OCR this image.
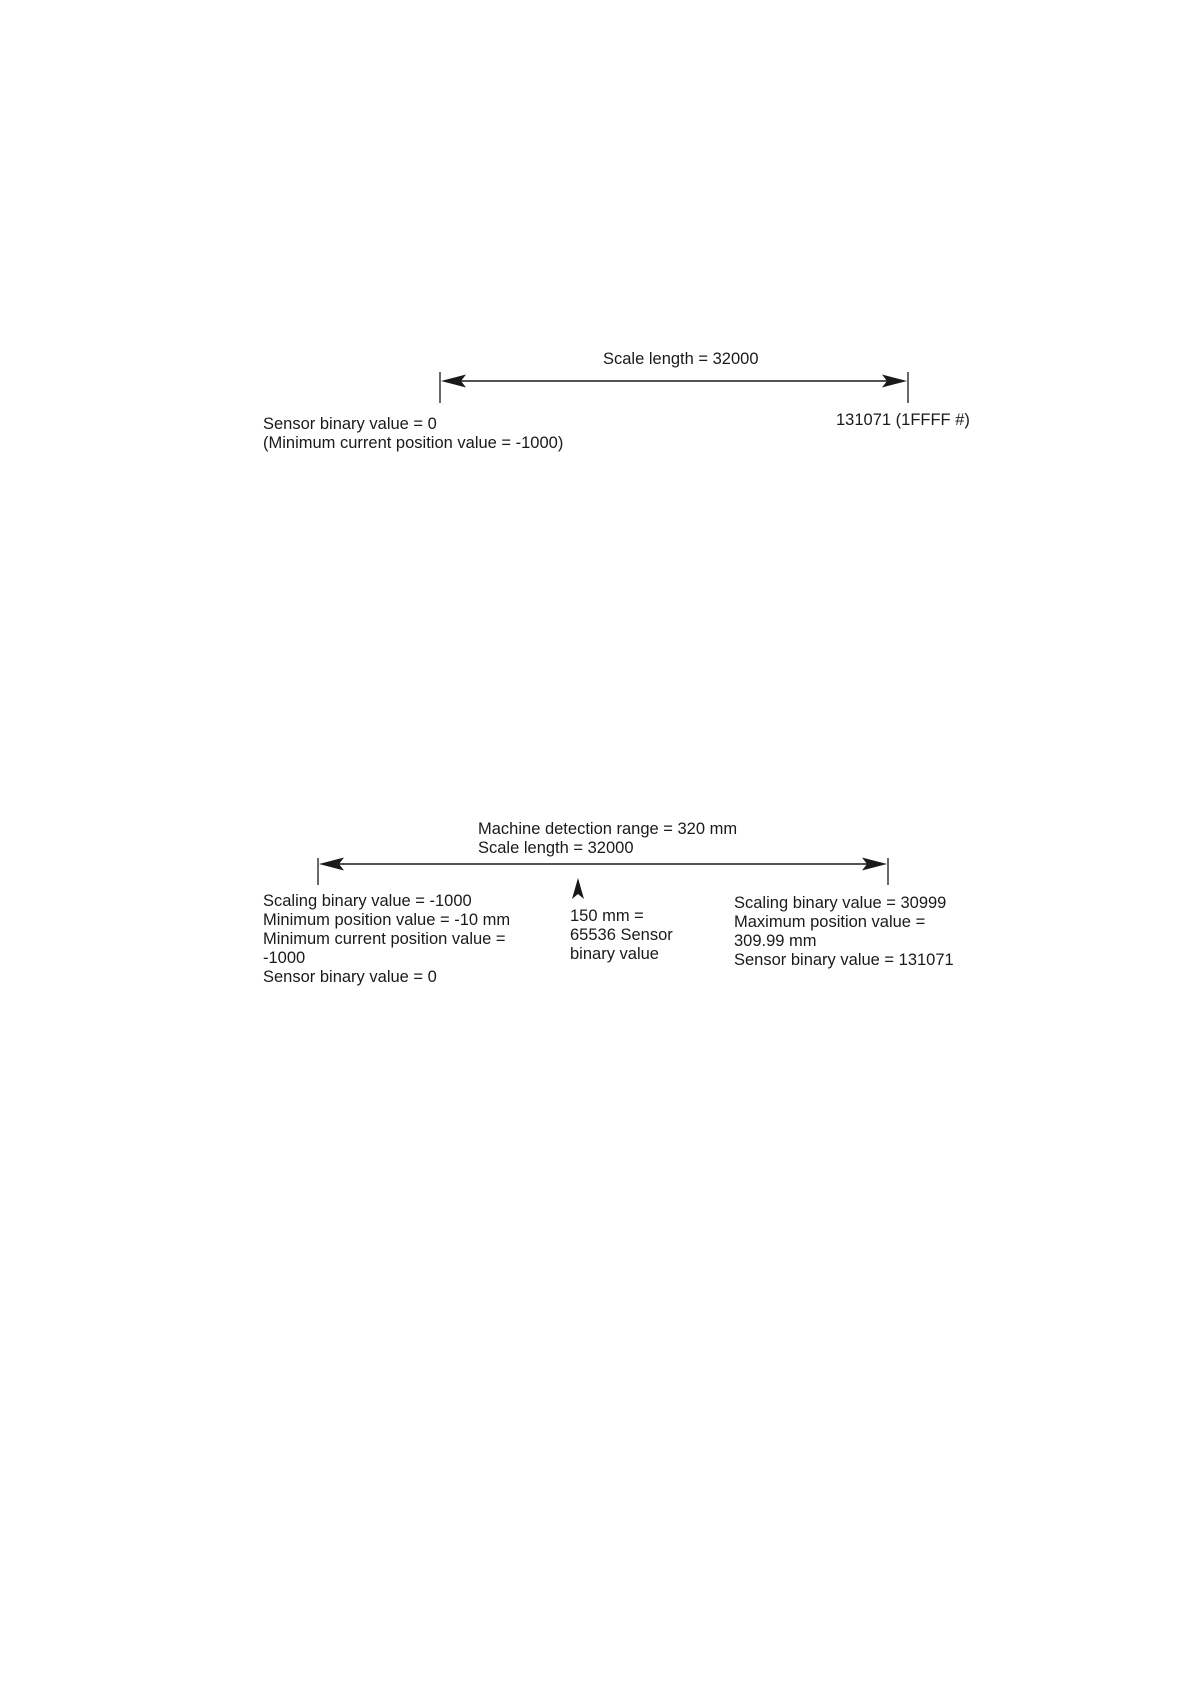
Scale length = 32000
Sensor binary value = 0
(Minimum current position value = -1000)
131071 (1FFFF #)
Machine detection range = 320 mm
Scale length = 32000
Scaling binary value = -1000
Minimum position value = -10 mm
Minimum current position value =
-1000
Sensor binary value = 0
150 mm =
65536 Sensor
binary value
Scaling binary value = 30999
Maximum position value =
309.99 mm
Sensor binary value = 131071
